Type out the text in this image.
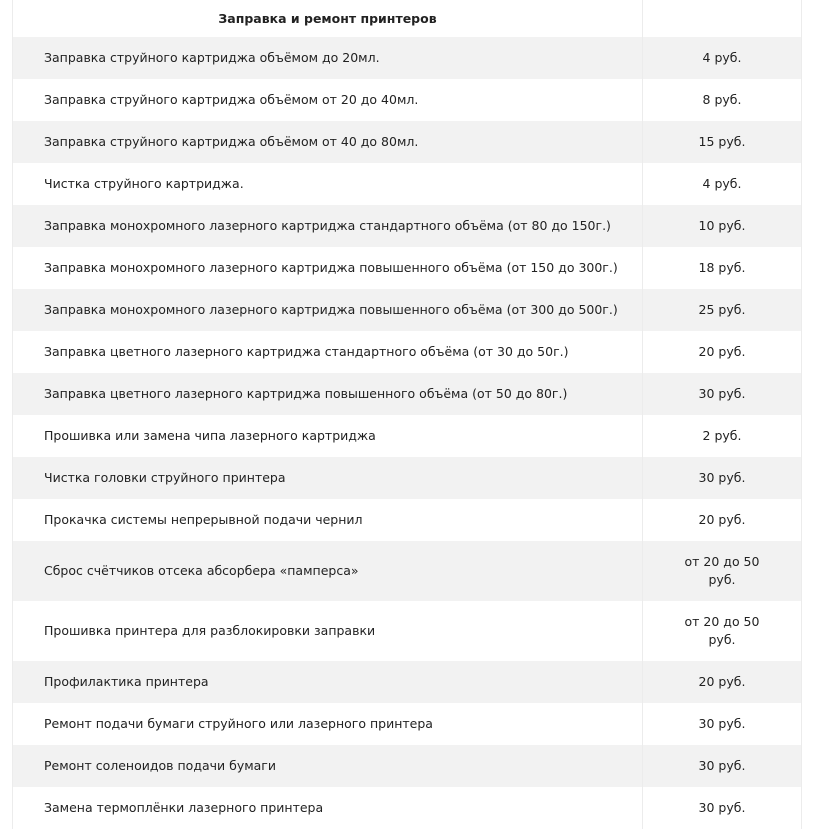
Заправка и ремонт принтеров	
Заправка струйного картриджа объёмом до 20мл.	4 руб.
Заправка струйного картриджа объёмом от 20 до 40мл.	8 руб.
Заправка струйного картриджа объёмом от 40 до 80мл.	15 руб.
Чистка струйного картриджа.	4 руб.
Заправка монохромного лазерного картриджа стандартного объёма (от 80 до 150г.)	10 руб.
Заправка монохромного лазерного картриджа повышенного объёма (от 150 до 300г.)	18 руб.
Заправка монохромного лазерного картриджа повышенного объёма (от 300 до 500г.)	25 руб.
Заправка цветного лазерного картриджа стандартного объёма (от 30 до 50г.)	20 руб.
Заправка цветного лазерного картриджа повышенного объёма (от 50 до 80г.)	30 руб.
Прошивка или замена чипа лазерного картриджа	2 руб.
Чистка головки струйного принтера	30 руб.
Прокачка системы непрерывной подачи чернил	20 руб.
Сброс счётчиков отсека абсорбера «памперса»	от 20 до 50 руб.
Прошивка принтера для разблокировки заправки	от 20 до 50 руб.
Профилактика принтера	20 руб.
Ремонт подачи бумаги струйного или лазерного принтера	30 руб.
Ремонт соленоидов подачи бумаги	30 руб.
Замена термоплёнки лазерного принтера	30 руб.
